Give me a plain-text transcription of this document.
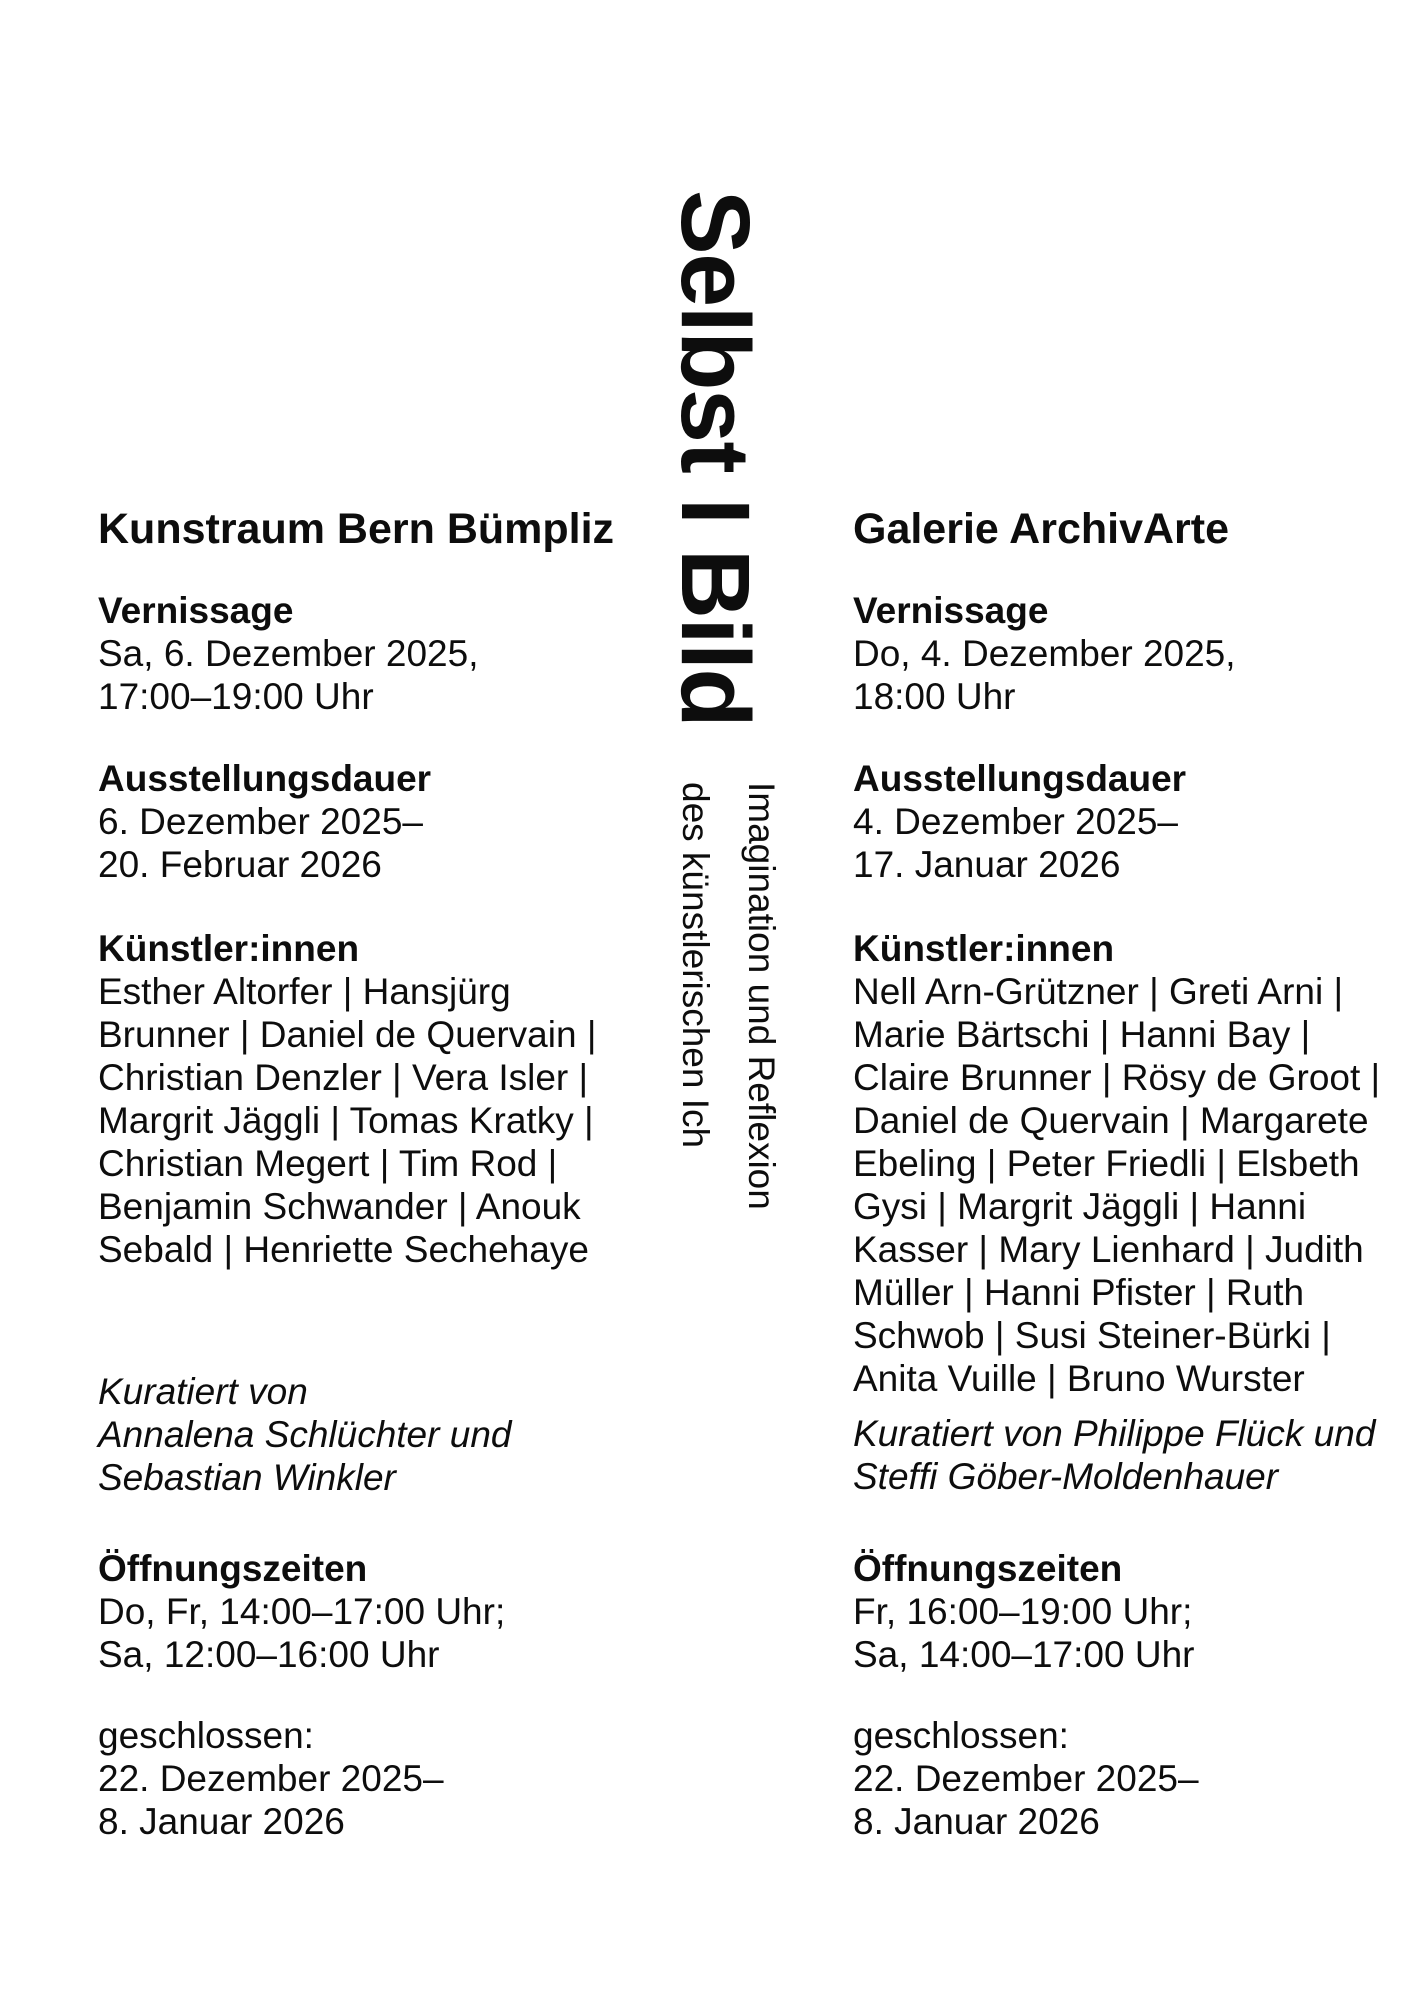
Selbst I Bild
Imagination und Reflexion
des künstlerischen Ich
Kunstraum Bern Bümpliz
Vernissage
Sa, 6. Dezember 2025,
17:00–19:00 Uhr
Ausstellungsdauer
6. Dezember 2025–
20. Februar 2026
Künstler:innen
Esther Altorfer | Hansjürg
Brunner | Daniel de Quervain |
Christian Denzler | Vera Isler |
Margrit Jäggli | Tomas Kratky |
Christian Megert | Tim Rod |
Benjamin Schwander | Anouk
Sebald | Henriette Sechehaye
Kuratiert von
Annalena Schlüchter und
Sebastian Winkler
Öffnungszeiten
Do, Fr, 14:00–17:00 Uhr;
Sa, 12:00–16:00 Uhr
geschlossen:
22. Dezember 2025–
8. Januar 2026
Galerie ArchivArte
Vernissage
Do, 4. Dezember 2025,
18:00 Uhr
Ausstellungsdauer
4. Dezember 2025–
17. Januar 2026
Künstler:innen
Nell Arn-Grützner | Greti Arni |
Marie Bärtschi | Hanni Bay |
Claire Brunner | Rösy de Groot |
Daniel de Quervain | Margarete
Ebeling | Peter Friedli | Elsbeth
Gysi | Margrit Jäggli | Hanni
Kasser | Mary Lienhard | Judith
Müller | Hanni Pfister | Ruth
Schwob | Susi Steiner-Bürki |
Anita Vuille | Bruno Wurster
Kuratiert von Philippe Flück und
Steffi Göber-Moldenhauer
Öffnungszeiten
Fr, 16:00–19:00 Uhr;
Sa, 14:00–17:00 Uhr
geschlossen:
22. Dezember 2025–
8. Januar 2026
